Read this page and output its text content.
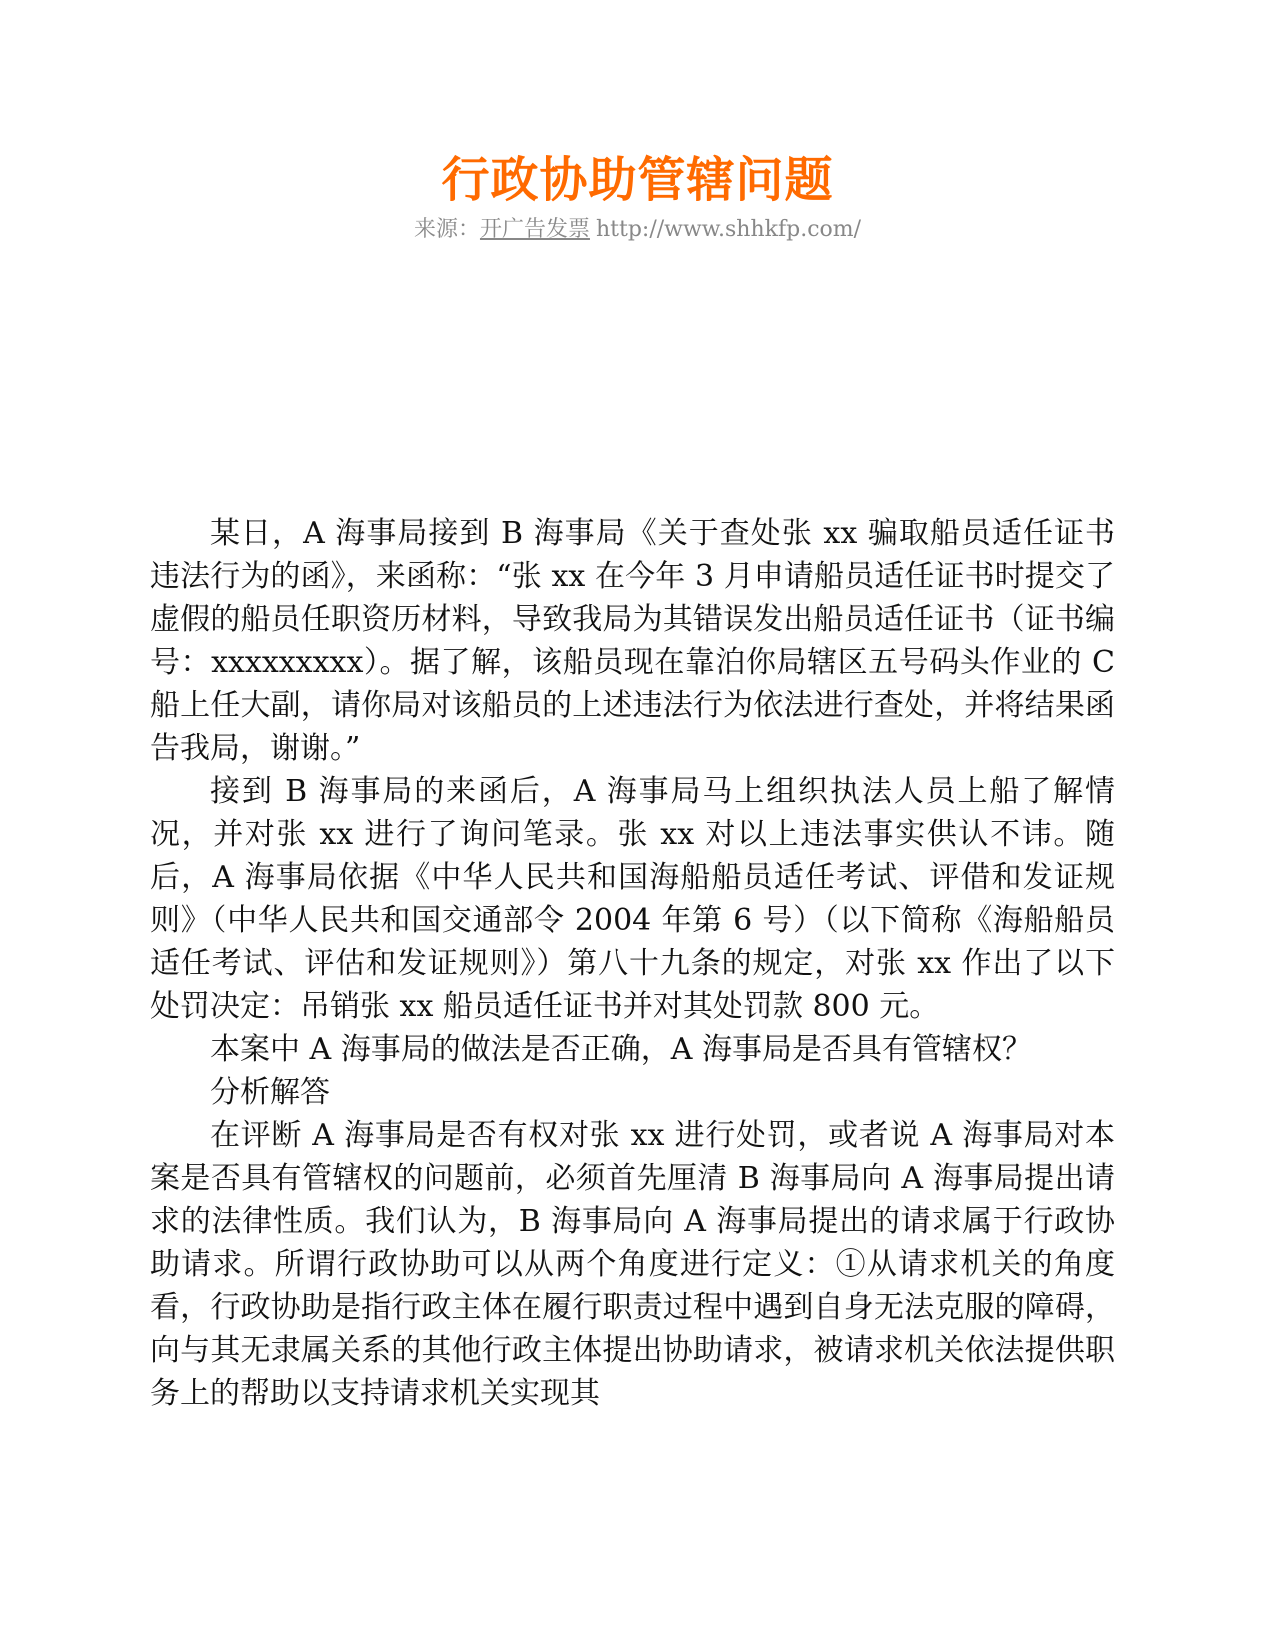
行政协助管辖问题
来源：开广告发票 http://www.shhkfp.com/

某日，A 海事局接到 B 海事局《关于查处张 xx 骗取船员适任证书违法行为的函》，来函称：“张 xx 在今年 3 月申请船员适任证书时提交了虚假的船员任职资历材料，导致我局为其错误发出船员适任证书（证书编号：xxxxxxxxx）。据了解，该船员现在靠泊你局辖区五号码头作业的 C 船上任大副，请你局对该船员的上述违法行为依法进行查处，并将结果函告我局，谢谢。”

接到 B 海事局的来函后，A 海事局马上组织执法人员上船了解情况，并对张 xx 进行了询问笔录。张 xx 对以上违法事实供认不讳。随后，A 海事局依据《中华人民共和国海船船员适任考试、评借和发证规则》（中华人民共和国交通部令 2004 年第 6 号）（以下简称《海船船员适任考试、评估和发证规则》）第八十九条的规定，对张 xx 作出了以下处罚决定：吊销张 xx 船员适任证书并对其处罚款 800 元。

本案中 A 海事局的做法是否正确，A 海事局是否具有管辖权？

分析解答

在评断 A 海事局是否有权对张 xx 进行处罚，或者说 A 海事局对本案是否具有管辖权的问题前，必须首先厘清 B 海事局向 A 海事局提出请求的法律性质。我们认为，B 海事局向 A 海事局提出的请求属于行政协助请求。所谓行政协助可以从两个角度进行定义：①从请求机关的角度看，行政协助是指行政主体在履行职责过程中遇到自身无法克服的障碍，向与其无隶属关系的其他行政主体提出协助请求，被请求机关依法提供职务上的帮助以支持请求机关实现其
